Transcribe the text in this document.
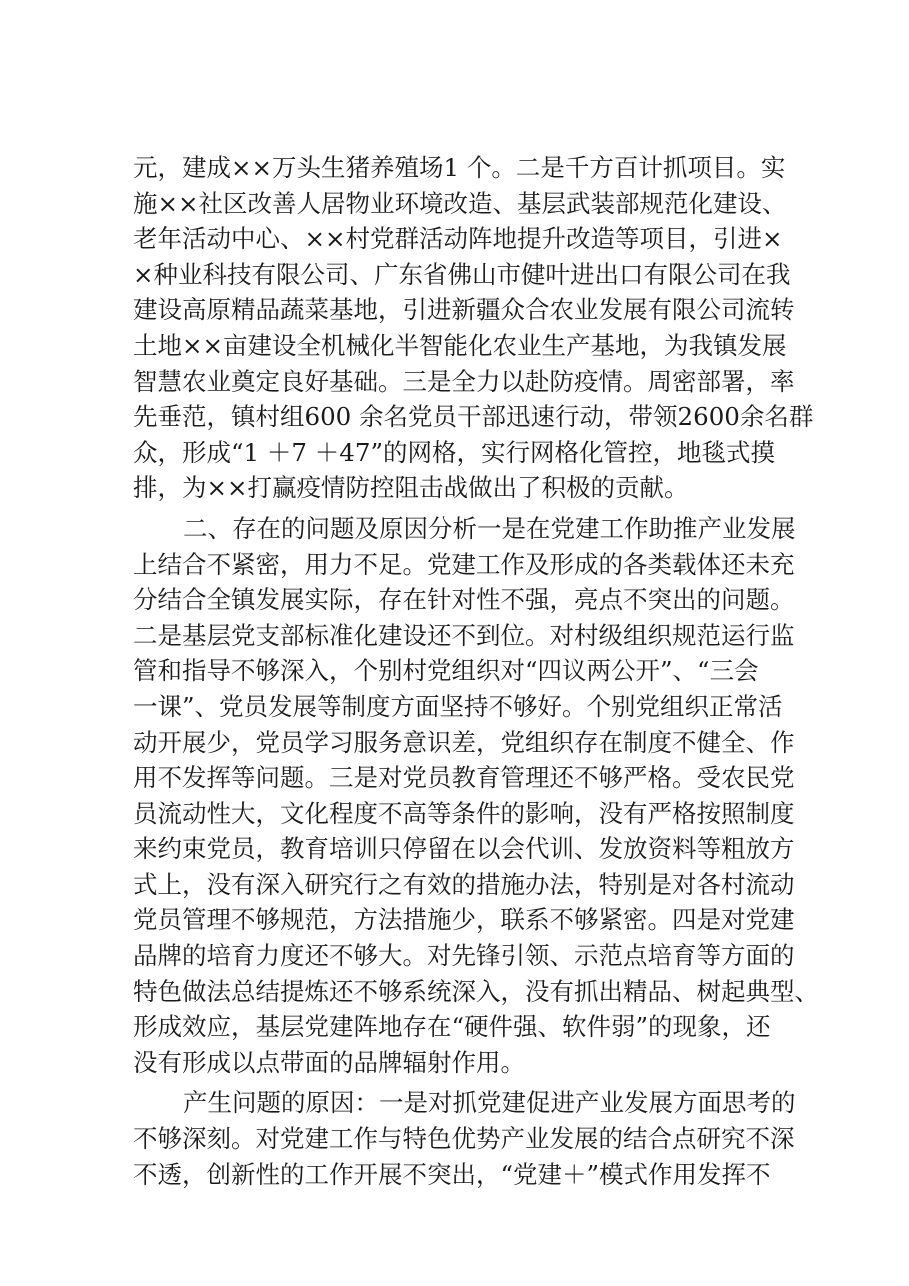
元，建成××万头生猪养殖场1 个。二是千方百计抓项目。实
施××社区改善人居物业环境改造、基层武装部规范化建设、
老年活动中心、××村党群活动阵地提升改造等项目，引进×
×种业科技有限公司、广东省佛山市健叶进出口有限公司在我
建设高原精品蔬菜基地，引进新疆众合农业发展有限公司流转
土地××亩建设全机械化半智能化农业生产基地，为我镇发展
智慧农业奠定良好基础。三是全力以赴防疫情。周密部署，率
先垂范，镇村组600 余名党员干部迅速行动，带领2600余名群
众，形成“1 ＋7 ＋47”的网格，实行网格化管控，地毯式摸
排，为××打赢疫情防控阻击战做出了积极的贡献。
二、存在的问题及原因分析一是在党建工作助推产业发展
上结合不紧密，用力不足。党建工作及形成的各类载体还未充
分结合全镇发展实际，存在针对性不强，亮点不突出的问题。
二是基层党支部标准化建设还不到位。对村级组织规范运行监
管和指导不够深入，个别村党组织对“四议两公开”、“三会
一课”、党员发展等制度方面坚持不够好。个别党组织正常活
动开展少，党员学习服务意识差，党组织存在制度不健全、作
用不发挥等问题。三是对党员教育管理还不够严格。受农民党
员流动性大，文化程度不高等条件的影响，没有严格按照制度
来约束党员，教育培训只停留在以会代训、发放资料等粗放方
式上，没有深入研究行之有效的措施办法，特别是对各村流动
党员管理不够规范，方法措施少，联系不够紧密。四是对党建
品牌的培育力度还不够大。对先锋引领、示范点培育等方面的
特色做法总结提炼还不够系统深入，没有抓出精品、树起典型、
形成效应，基层党建阵地存在“硬件强、软件弱”的现象，还
没有形成以点带面的品牌辐射作用。
产生问题的原因：一是对抓党建促进产业发展方面思考的
不够深刻。对党建工作与特色优势产业发展的结合点研究不深
不透，创新性的工作开展不突出，“党建＋”模式作用发挥不
